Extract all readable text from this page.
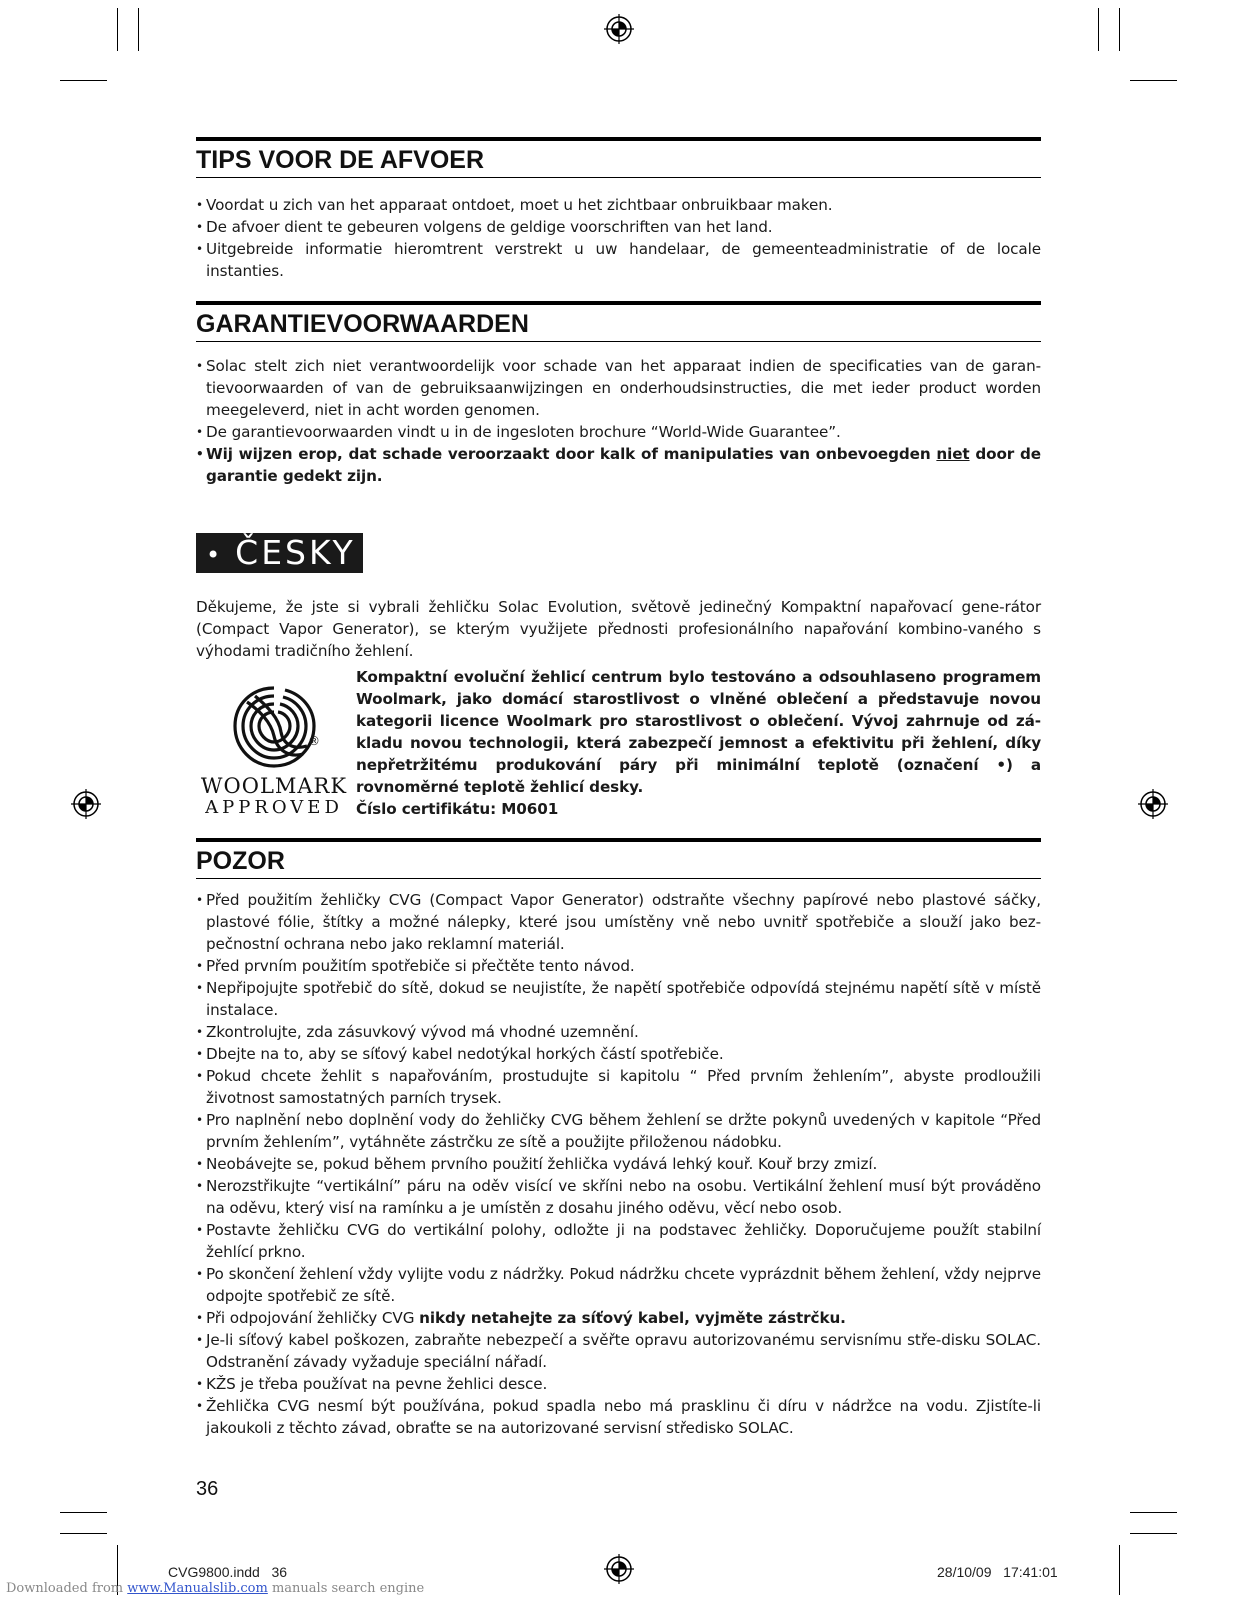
TIPS VOOR DE AFVOER
• Voordat u zich van het apparaat ontdoet, moet u het zichtbaar onbruikbaar maken.
• De afvoer dient te gebeuren volgens de geldige voorschriften van het land.
• Uitgebreide informatie hieromtrent verstrekt u uw handelaar, de gemeenteadministratie of de locale instanties.
GARANTIEVOORWAARDEN
• Solac stelt zich niet verantwoordelijk voor schade van het apparaat indien de specificaties van de garan-tievoorwaarden of van de gebruiksaanwijzingen en onderhoudsinstructies, die met ieder product worden meegeleverd, niet in acht worden genomen.
• De garantievoorwaarden vindt u in de ingesloten brochure “World-Wide Guarantee”.
• Wij wijzen erop, dat schade veroorzaakt door kalk of manipulaties van onbevoegden niet door de garantie gedekt zijn.
• ČESKY
Děkujeme, že jste si vybrali žehličku Solac Evolution, světově jedinečný Kompaktní napařovací gene-rátor (Compact Vapor Generator), se kterým využijete přednosti profesionálního napařování kombino-vaného s výhodami tradičního žehlení.
®
WOOLMARK
APPROVED
Kompaktní evoluční žehlicí centrum bylo testováno a odsouhlaseno programem Woolmark, jako domácí starostlivost o vlněné oblečení a představuje novou kategorii licence Woolmark pro starostlivost o oblečení. Vývoj zahrnuje od zá-kladu novou technologii, která zabezpečí jemnost a efektivitu při žehlení, díky nepřetržitému produkování páry při minimální teplotě (označení •) a rovnoměrné teplotě žehlicí desky.
Číslo certifikátu: M0601
POZOR
• Před použitím žehličky CVG (Compact Vapor Generator) odstraňte všechny papírové nebo plastové sáčky, plastové fólie, štítky a možné nálepky, které jsou umístěny vně nebo uvnitř spotřebiče a slouží jako bez-pečnostní ochrana nebo jako reklamní materiál.
• Před prvním použitím spotřebiče si přečtěte tento návod.
• Nepřipojujte spotřebič do sítě, dokud se neujistíte, že napětí spotřebiče odpovídá stejnému napětí sítě v místě instalace.
• Zkontrolujte, zda zásuvkový vývod má vhodné uzemnění.
• Dbejte na to, aby se síťový kabel nedotýkal horkých částí spotřebiče.
• Pokud chcete žehlit s napařováním, prostudujte si kapitolu “ Před prvním žehlením”, abyste prodloužili životnost samostatných parních trysek.
• Pro naplnění nebo doplnění vody do žehličky CVG během žehlení se držte pokynů uvedených v kapitole “Před prvním žehlením”, vytáhněte zástrčku ze sítě a použijte přiloženou nádobku.
• Neobávejte se, pokud během prvního použití žehlička vydává lehký kouř. Kouř brzy zmizí.
• Nerozstřikujte “vertikální” páru na oděv visící ve skříni nebo na osobu. Vertikální žehlení musí být prováděno na oděvu, který visí na ramínku a je umístěn z dosahu jiného oděvu, věcí nebo osob.
• Postavte žehličku CVG do vertikální polohy, odložte ji na podstavec žehličky. Doporučujeme použít stabilní žehlící prkno.
• Po skončení žehlení vždy vylijte vodu z nádržky. Pokud nádržku chcete vyprázdnit během žehlení, vždy nejprve odpojte spotřebič ze sítě.
• Při odpojování žehličky CVG nikdy netahejte za síťový kabel, vyjměte zástrčku.
• Je-li síťový kabel poškozen, zabraňte nebezpečí a svěřte opravu autorizovanému servisnímu stře-disku SOLAC. Odstranění závady vyžaduje speciální nářadí.
• KŽS je třeba používat na pevne žehlici desce.
• Žehlička CVG nesmí být používána, pokud spadla nebo má prasklinu či díru v nádržce na vodu. Zjistíte-li jakoukoli z těchto závad, obraťte se na autorizované servisní středisko SOLAC.
36
CVG9800.indd   36	28/10/09   17:41:01
Downloaded from www.Manualslib.com manuals search engine
